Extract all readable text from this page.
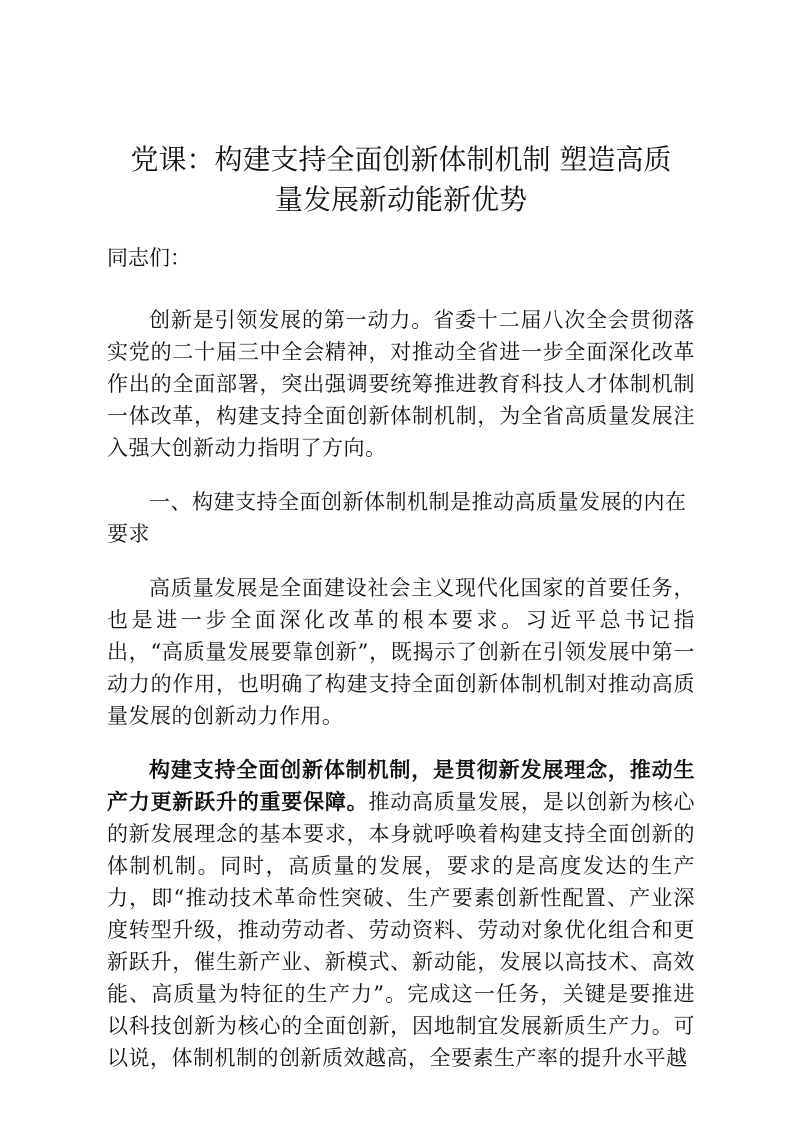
党课：构建支持全面创新体制机制 塑造高质
量发展新动能新优势

同志们：

创新是引领发展的第一动力。省委十二届八次全会贯彻落实党的二十届三中全会精神，对推动全省进一步全面深化改革作出的全面部署，突出强调要统筹推进教育科技人才体制机制一体改革，构建支持全面创新体制机制，为全省高质量发展注入强大创新动力指明了方向。

一、构建支持全面创新体制机制是推动高质量发展的内在要求

高质量发展是全面建设社会主义现代化国家的首要任务，也是进一步全面深化改革的根本要求。习近平总书记指出，“高质量发展要靠创新”，既揭示了创新在引领发展中第一动力的作用，也明确了构建支持全面创新体制机制对推动高质量发展的创新动力作用。

构建支持全面创新体制机制，是贯彻新发展理念，推动生产力更新跃升的重要保障。推动高质量发展，是以创新为核心的新发展理念的基本要求，本身就呼唤着构建支持全面创新的体制机制。同时，高质量的发展，要求的是高度发达的生产力，即“推动技术革命性突破、生产要素创新性配置、产业深度转型升级，推动劳动者、劳动资料、劳动对象优化组合和更新跃升，催生新产业、新模式、新动能，发展以高技术、高效能、高质量为特征的生产力”。完成这一任务，关键是要推进以科技创新为核心的全面创新，因地制宜发展新质生产力。可以说，体制机制的创新质效越高，全要素生产率的提升水平越
